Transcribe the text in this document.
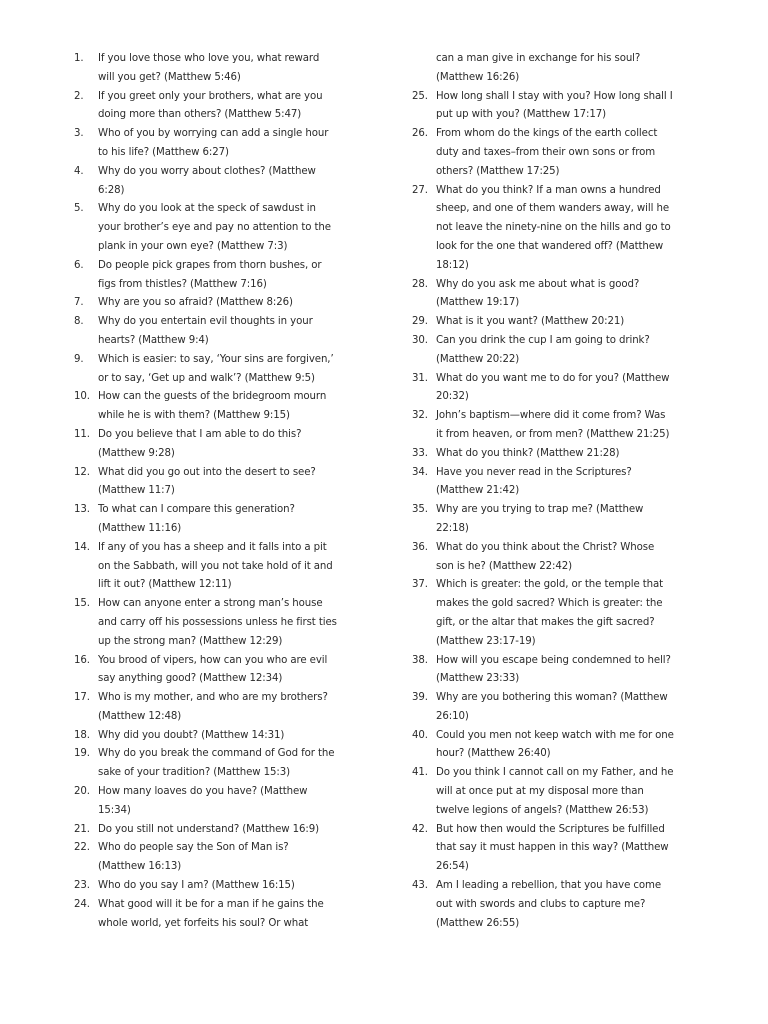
1.	If you love those who love you, what reward will you get? (Matthew 5:46)
2.	If you greet only your brothers, what are you doing more than others? (Matthew 5:47)
3.	Who of you by worrying can add a single hour to his life? (Matthew 6:27)
4.	Why do you worry about clothes? (Matthew 6:28)
5.	Why do you look at the speck of sawdust in your brother’s eye and pay no attention to the plank in your own eye? (Matthew 7:3)
6.	Do people pick grapes from thorn bushes, or figs from thistles? (Matthew 7:16)
7.	Why are you so afraid? (Matthew 8:26)
8.	Why do you entertain evil thoughts in your hearts? (Matthew 9:4)
9.	Which is easier: to say, ‘Your sins are forgiven,’ or to say, ‘Get up and walk’? (Matthew 9:5)
10. How can the guests of the bridegroom mourn while he is with them? (Matthew 9:15)
11. Do you believe that I am able to do this? (Matthew 9:28)
12. What did you go out into the desert to see? (Matthew 11:7)
13. To what can I compare this generation? (Matthew 11:16)
14. If any of you has a sheep and it falls into a pit on the Sabbath, will you not take hold of it and lift it out? (Matthew 12:11)
15. How can anyone enter a strong man’s house and carry off his possessions unless he first ties up the strong man? (Matthew 12:29)
16. You brood of vipers, how can you who are evil say anything good? (Matthew 12:34)
17. Who is my mother, and who are my brothers? (Matthew 12:48)
18. Why did you doubt? (Matthew 14:31)
19. Why do you break the command of God for the sake of your tradition? (Matthew 15:3)
20. How many loaves do you have? (Matthew 15:34)
21. Do you still not understand? (Matthew 16:9)
22. Who do people say the Son of Man is? (Matthew 16:13)
23. Who do you say I am? (Matthew 16:15)
24. What good will it be for a man if he gains the whole world, yet forfeits his soul? Or what
can a man give in exchange for his soul? (Matthew 16:26)
25. How long shall I stay with you? How long shall I put up with you? (Matthew 17:17)
26. From whom do the kings of the earth collect duty and taxes–from their own sons or from others? (Matthew 17:25)
27. What do you think? If a man owns a hundred sheep, and one of them wanders away, will he not leave the ninety-nine on the hills and go to look for the one that wandered off? (Matthew 18:12)
28. Why do you ask me about what is good? (Matthew 19:17)
29. What is it you want? (Matthew 20:21)
30. Can you drink the cup I am going to drink? (Matthew 20:22)
31. What do you want me to do for you? (Matthew 20:32)
32. John’s baptism—where did it come from? Was it from heaven, or from men? (Matthew 21:25)
33. What do you think? (Matthew 21:28)
34. Have you never read in the Scriptures? (Matthew 21:42)
35. Why are you trying to trap me? (Matthew 22:18)
36. What do you think about the Christ? Whose son is he? (Matthew 22:42)
37. Which is greater: the gold, or the temple that makes the gold sacred? Which is greater: the gift, or the altar that makes the gift sacred? (Matthew 23:17-19)
38. How will you escape being condemned to hell? (Matthew 23:33)
39. Why are you bothering this woman? (Matthew 26:10)
40. Could you men not keep watch with me for one hour? (Matthew 26:40)
41. Do you think I cannot call on my Father, and he will at once put at my disposal more than twelve legions of angels? (Matthew 26:53)
42. But how then would the Scriptures be fulfilled that say it must happen in this way? (Matthew 26:54)
43. Am I leading a rebellion, that you have come out with swords and clubs to capture me? (Matthew 26:55)
